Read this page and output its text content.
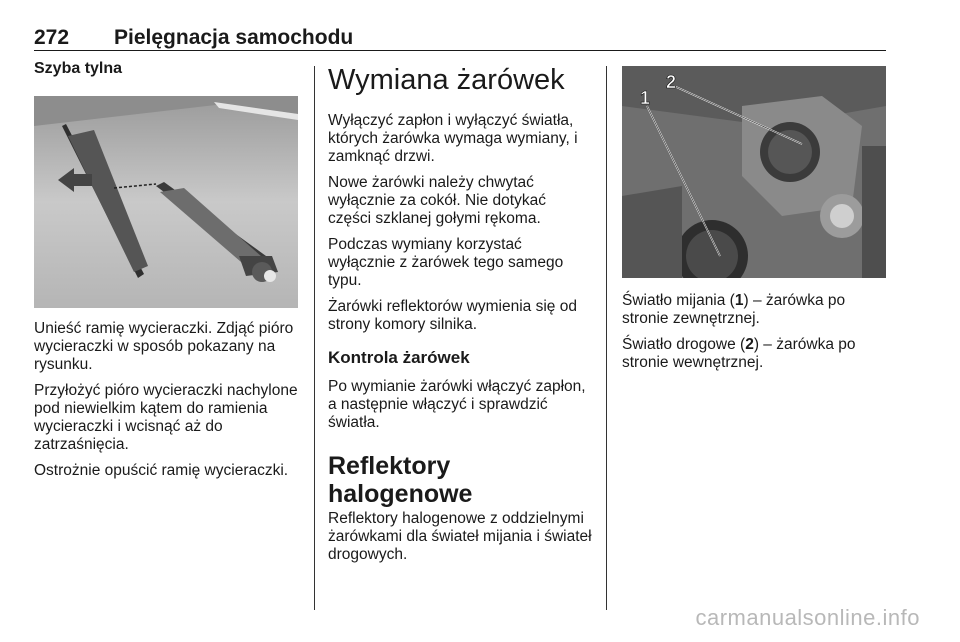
272 Pielęgnacja samochodu
Szyba tylna

Unieść ramię wycieraczki. Zdjąć pióro wycieraczki w sposób pokazany na rysunku.

Przyłożyć pióro wycieraczki nachylone pod niewielkim kątem do ramienia wycieraczki i wcisnąć aż do zatrzaśnięcia.

Ostrożnie opuścić ramię wycieraczki.

Wymiana żarówek

Wyłączyć zapłon i wyłączyć światła, których żarówka wymaga wymiany, i zamknąć drzwi.

Nowe żarówki należy chwytać wyłącznie za cokół. Nie dotykać części szklanej gołymi rękoma.

Podczas wymiany korzystać wyłącznie z żarówek tego samego typu.

Żarówki reflektorów wymienia się od strony komory silnika.

Kontrola żarówek

Po wymianie żarówki włączyć zapłon, a następnie włączyć i sprawdzić światła.

Reflektory halogenowe

Reflektory halogenowe z oddzielnymi żarówkami dla świateł mijania i świateł drogowych.

1
2

Światło mijania (1) – żarówka po stronie zewnętrznej.

Światło drogowe (2) – żarówka po stronie wewnętrznej.

carmanualsonline.info
